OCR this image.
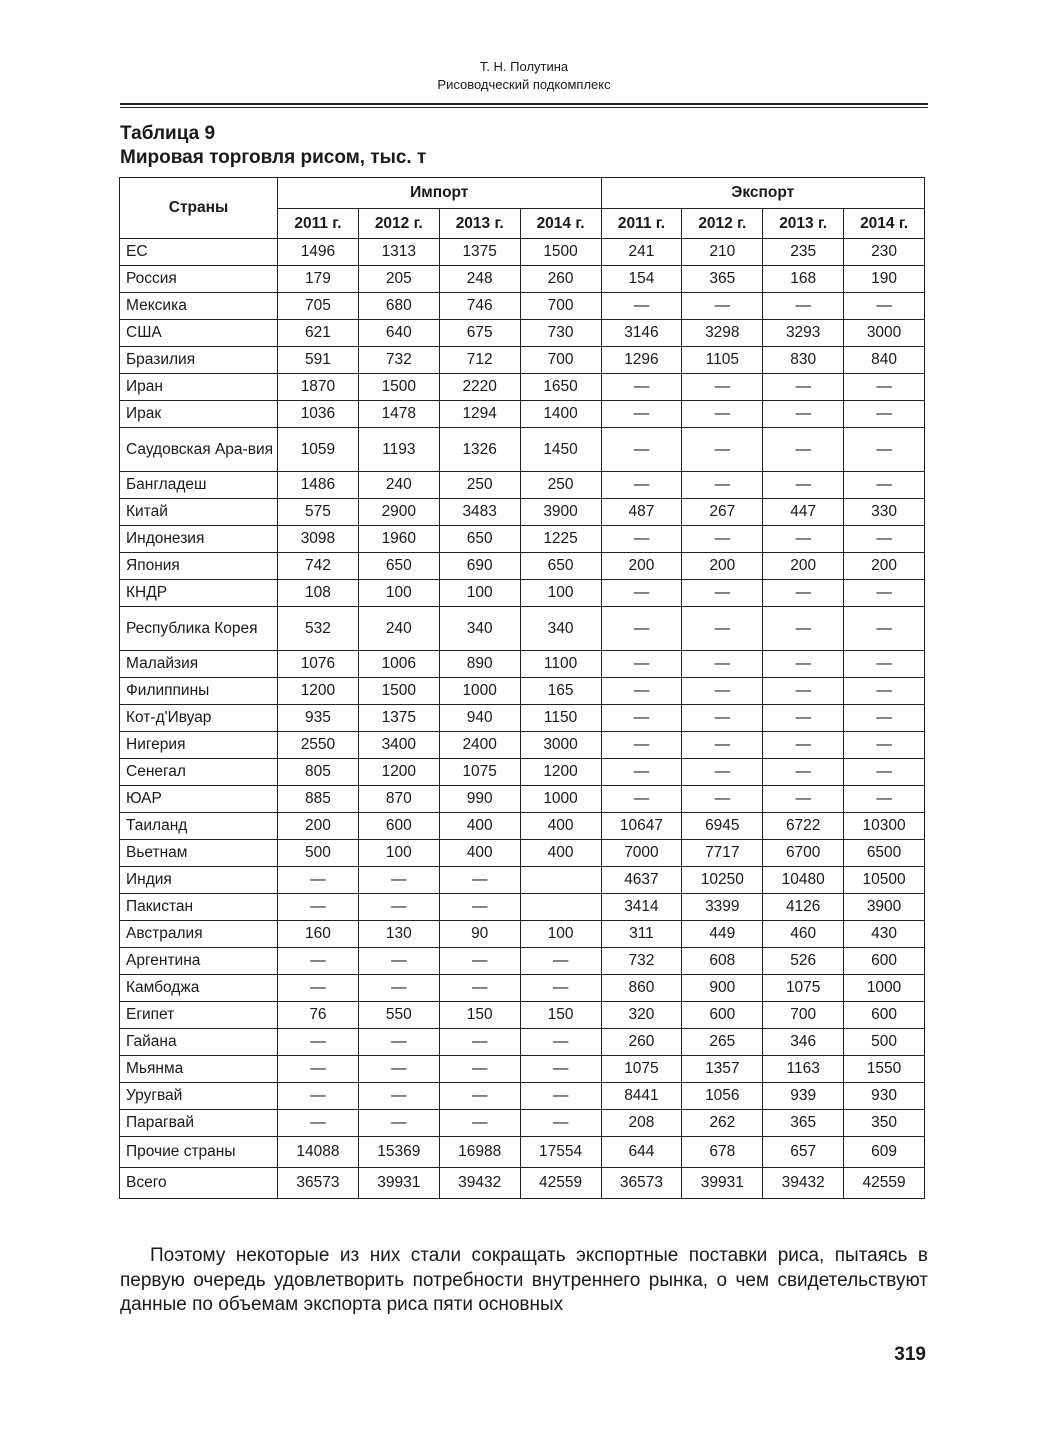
Т. Н. Полутина
Рисоводческий подкомплекс
Таблица 9
Мировая торговля рисом, тыс. т
Страны	Импорт				Экспорт			
	2011 г.	2012 г.	2013 г.	2014 г.	2011 г.	2012 г.	2013 г.	2014 г.
ЕС	1496	1313	1375	1500	241	210	235	230
Россия	179	205	248	260	154	365	168	190
Мексика	705	680	746	700	—	—	—	—
США	621	640	675	730	3146	3298	3293	3000
Бразилия	591	732	712	700	1296	1105	830	840
Иран	1870	1500	2220	1650	—	—	—	—
Ирак	1036	1478	1294	1400	—	—	—	—
Саудовская Ара-вия	1059	1193	1326	1450	—	—	—	—
Бангладеш	1486	240	250	250	—	—	—	—
Китай	575	2900	3483	3900	487	267	447	330
Индонезия	3098	1960	650	1225	—	—	—	—
Япония	742	650	690	650	200	200	200	200
КНДР	108	100	100	100	—	—	—	—
Республика Корея	532	240	340	340	—	—	—	—
Малайзия	1076	1006	890	1100	—	—	—	—
Филиппины	1200	1500	1000	165	—	—	—	—
Кот-д'Ивуар	935	1375	940	1150	—	—	—	—
Нигерия	2550	3400	2400	3000	—	—	—	—
Сенегал	805	1200	1075	1200	—	—	—	—
ЮАР	885	870	990	1000	—	—	—	—
Таиланд	200	600	400	400	10647	6945	6722	10300
Вьетнам	500	100	400	400	7000	7717	6700	6500
Индия	—	—	—		4637	10250	10480	10500
Пакистан	—	—	—		3414	3399	4126	3900
Австралия	160	130	90	100	311	449	460	430
Аргентина	—	—	—	—	732	608	526	600
Камбоджа	—	—	—	—	860	900	1075	1000
Египет	76	550	150	150	320	600	700	600
Гайана	—	—	—	—	260	265	346	500
Мьянма	—	—	—	—	1075	1357	1163	1550
Уругвай	—	—	—	—	8441	1056	939	930
Парагвай	—	—	—	—	208	262	365	350
Прочие страны	14088	15369	16988	17554	644	678	657	609
Всего	36573	39931	39432	42559	36573	39931	39432	42559
Поэтому некоторые из них стали сокращать экспортные поставки риса, пытаясь в первую очередь удовлетворить потребности внутреннего рынка, о чем свидетельствуют данные по объемам экспорта риса пяти основных
319
